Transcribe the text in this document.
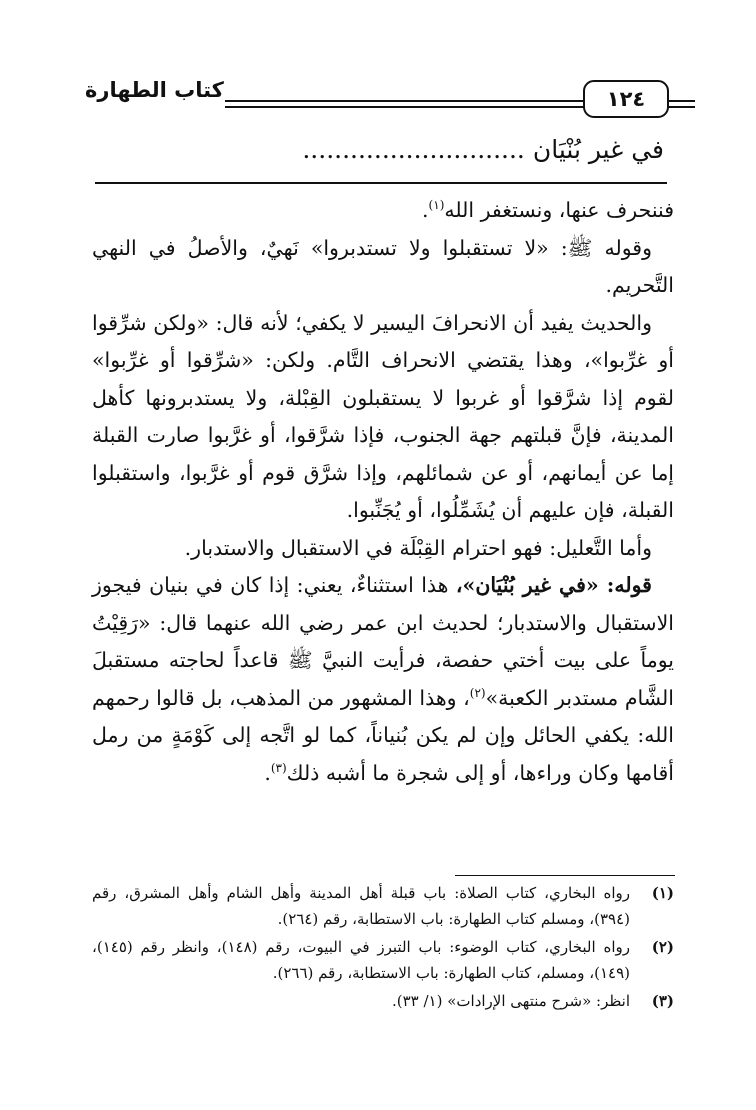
كتاب الطهارة	١٢٤
في غير بُنْيَان............................

فننحرف عنها، ونستغفر الله$^{(١)}$.

وقوله ﷺ: «لا تستقبلوا ولا تستدبروا» نَهيٌ، والأصلُ في النهي التَّحريم.

والحديث يفيد أن الانحرافَ اليسير لا يكفي؛ لأنه قال: «ولكن شرِّقوا أو غرِّبوا»، وهذا يقتضي الانحراف التَّام. ولكن: «شرِّقوا أو غرِّبوا» لقوم إذا شرَّقوا أو غربوا لا يستقبلون القِبْلة، ولا يستدبرونها كأهل المدينة، فإنَّ قبلتهم جهة الجنوب، فإذا شرَّقوا، أو غرَّبوا صارت القبلة إما عن أيمانهم، أو عن شمائلهم، وإذا شرَّق قوم أو غرَّبوا، واستقبلوا القبلة، فإن عليهم أن يُشَمِّلُوا، أو يُجَنِّبوا.

وأما التَّعليل: فهو احترام القِبْلَة في الاستقبال والاستدبار.

قوله: «في غير بُنْيَان»، هذا استثناءٌ، يعني: إذا كان في بنيان فيجوز الاستقبال والاستدبار؛ لحديث ابن عمر رضي الله عنهما قال: «رَقِيْتُ يوماً على بيت أختي حفصة، فرأيت النبيَّ ﷺ قاعداً لحاجته مستقبلَ الشَّام مستدبر الكعبة»$^{(٢)}$، وهذا المشهور من المذهب، بل قالوا رحمهم الله: يكفي الحائل وإن لم يكن بُنياناً، كما لو اتَّجه إلى كَوْمَةٍ من رمل أقامها وكان وراءها، أو إلى شجرة ما أشبه ذلك$^{(٣)}$.

(١)
رواه البخاري، كتاب الصلاة: باب قبلة أهل المدينة وأهل الشام وأهل المشرق، رقم (٣٩٤)، ومسلم كتاب الطهارة: باب الاستطابة، رقم (٢٦٤).
(٢)
رواه البخاري، كتاب الوضوء: باب التبرز في البيوت، رقم (١٤٨)، وانظر رقم (١٤٥)، (١٤٩)، ومسلم، كتاب الطهارة: باب الاستطابة، رقم (٢٦٦).
(٣)
انظر: «شرح منتهى الإرادات» (١/ ٣٣).
